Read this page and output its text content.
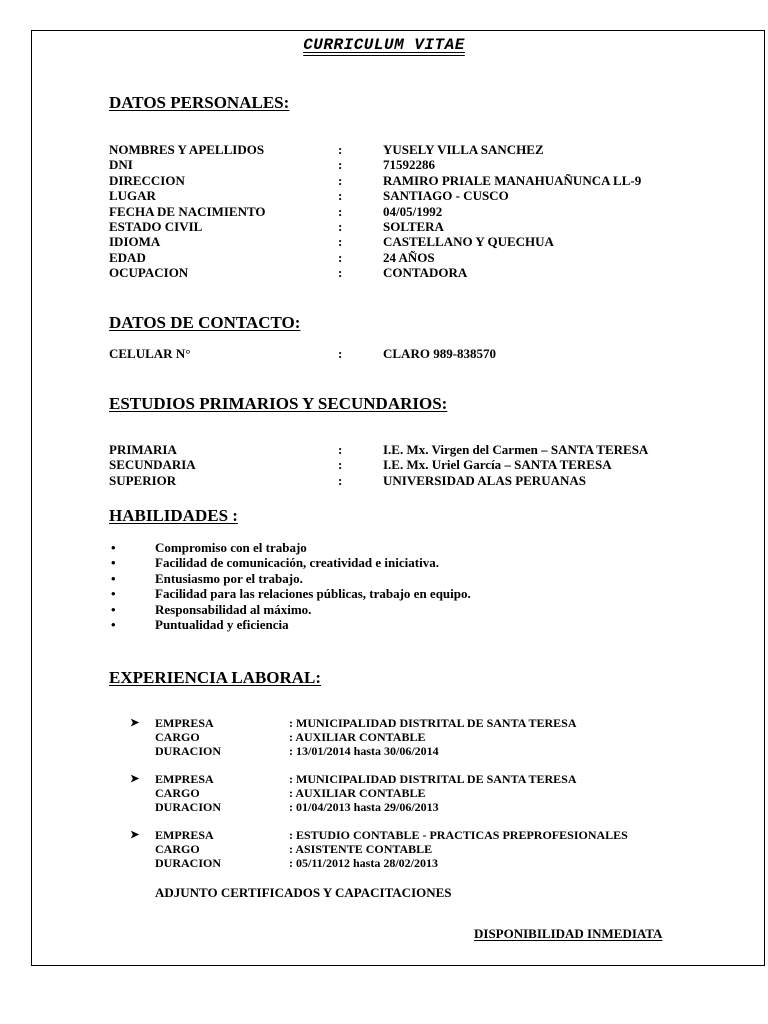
CURRICULUM VITAE
DATOS PERSONALES:
NOMBRES Y APELLIDOS	:	YUSELY VILLA SANCHEZ
DNI	:	71592286
DIRECCION	:	RAMIRO PRIALE MANAHUAÑUNCA LL-9
LUGAR	:	SANTIAGO - CUSCO
FECHA DE NACIMIENTO	:	04/05/1992
ESTADO CIVIL	:	SOLTERA
IDIOMA	:	CASTELLANO Y QUECHUA
EDAD	:	24 AÑOS
OCUPACION	:	CONTADORA
DATOS DE CONTACTO:
CELULAR N°	:	CLARO 989-838570
ESTUDIOS PRIMARIOS Y SECUNDARIOS:
PRIMARIA	:	I.E. Mx. Virgen del Carmen – SANTA TERESA
SECUNDARIA	:	I.E. Mx. Uriel García – SANTA TERESA
SUPERIOR	:	UNIVERSIDAD ALAS PERUANAS
HABILIDADES :
•	Compromiso con el trabajo
•	Facilidad de comunicación, creatividad e iniciativa.
•	Entusiasmo por el trabajo.
•	Facilidad para las relaciones públicas, trabajo en equipo.
•	Responsabilidad al máximo.
•	Puntualidad y eficiencia
EXPERIENCIA LABORAL:
➤ EMPRESA	: MUNICIPALIDAD DISTRITAL DE SANTA TERESA
CARGO	: AUXILIAR CONTABLE
DURACION	: 13/01/2014 hasta 30/06/2014
➤ EMPRESA	: MUNICIPALIDAD DISTRITAL DE SANTA TERESA
CARGO	: AUXILIAR CONTABLE
DURACION	: 01/04/2013 hasta 29/06/2013
➤ EMPRESA	: ESTUDIO CONTABLE - PRACTICAS PREPROFESIONALES
CARGO	: ASISTENTE CONTABLE
DURACION	: 05/11/2012 hasta 28/02/2013
ADJUNTO CERTIFICADOS Y CAPACITACIONES
DISPONIBILIDAD INMEDIATA
